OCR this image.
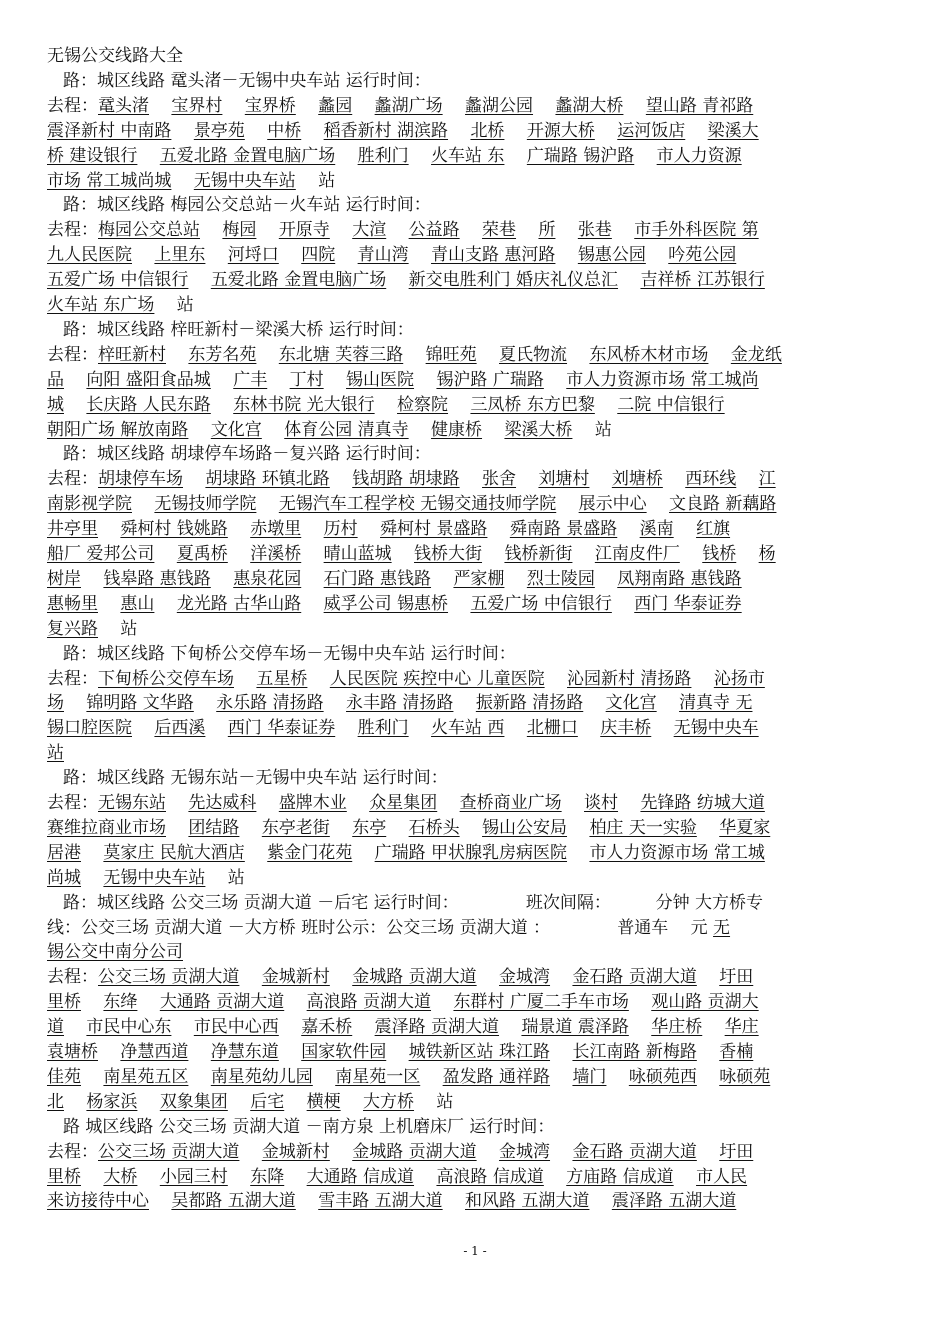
无锡公交线路大全
路：城区线路 鼋头渚－无锡中央车站 运行时间：
去程：鼋头渚  宝界村  宝界桥  蠡园  蠡湖广场  蠡湖公园  蠡湖大桥  望山路 青祁路
震泽新村 中南路  景亭苑  中桥  稻香新村 湖滨路  北桥  开源大桥  运河饭店  梁溪大
桥 建设银行  五爱北路 金置电脑广场  胜利门  火车站 东  广瑞路 锡沪路  市人力资源
市场 常工城尚城  无锡中央车站  站
路：城区线路 梅园公交总站－火车站 运行时间：
去程：梅园公交总站  梅园  开原寺  大渲  公益路  荣巷  所  张巷  市手外科医院 第
九人民医院  上里东  河埒口  四院  青山湾  青山支路 惠河路  锡惠公园  吟苑公园
五爱广场 中信银行  五爱北路 金置电脑广场  新交电胜利门 婚庆礼仪总汇  吉祥桥 江苏银行
火车站 东广场  站
路：城区线路 梓旺新村－梁溪大桥 运行时间：
去程：梓旺新村  东芳名苑  东北塘 芙蓉三路  锦旺苑  夏氏物流  东风桥木材市场  金龙纸
品  向阳 盛阳食品城  广丰  丁村  锡山医院  锡沪路 广瑞路  市人力资源市场 常工城尚
城  长庆路 人民东路  东林书院 光大银行  检察院  三凤桥 东方巴黎  二院 中信银行
朝阳广场 解放南路  文化宫  体育公园 清真寺  健康桥  梁溪大桥  站
路：城区线路 胡埭停车场路－复兴路 运行时间：
去程：胡埭停车场  胡埭路 环镇北路  钱胡路 胡埭路  张舍  刘塘村  刘塘桥  西环线  江
南影视学院  无锡技师学院  无锡汽车工程学校 无锡交通技师学院  展示中心  文良路 新藕路
井亭里  舜柯村 钱姚路  赤墩里  历村  舜柯村 景盛路  舜南路 景盛路  溪南  红旗
船厂 爱邦公司  夏禹桥  洋溪桥  晴山蓝城  钱桥大街  钱桥新街  江南皮件厂  钱桥  杨
树岸  钱皋路 惠钱路  惠泉花园  石门路 惠钱路  严家棚  烈士陵园  凤翔南路 惠钱路
惠畅里  惠山  龙光路 古华山路  威孚公司 锡惠桥  五爱广场 中信银行  西门 华泰证券
复兴路  站
路：城区线路 下甸桥公交停车场－无锡中央车站 运行时间：
去程：下甸桥公交停车场  五星桥  人民医院 疾控中心 儿童医院  沁园新村 清扬路  沁扬市
场  锦明路 文华路  永乐路 清扬路  永丰路 清扬路  振新路 清扬路  文化宫  清真寺 无
锡口腔医院  后西溪  西门 华泰证券  胜利门  火车站 西  北栅口  庆丰桥  无锡中央车
站
路：城区线路 无锡东站－无锡中央车站 运行时间：
去程：无锡东站  先达威科  盛牌木业  众星集团  查桥商业广场  谈村  先锋路 纺城大道
赛维拉商业市场  团结路  东亭老街  东亭  石桥头  锡山公安局  柏庄 天一实验  华夏家
居港  莫家庄 民航大酒店  紫金门花苑  广瑞路 甲状腺乳房病医院  市人力资源市场 常工城
尚城  无锡中央车站  站
路：城区线路 公交三场 贡湖大道 －后宅 运行时间：      班次间隔：    分钟 大方桥专
线：公交三场 贡湖大道 －大方桥 班时公示：公交三场 贡湖大道 ：      普通车  元 无
锡公交中南分公司
去程：公交三场 贡湖大道  金城新村  金城路 贡湖大道  金城湾  金石路 贡湖大道  圩田
里桥  东绛  大通路 贡湖大道  高浪路 贡湖大道  东群村 广厦二手车市场  观山路 贡湖大
道  市民中心东  市民中心西  嘉禾桥  震泽路 贡湖大道  瑞景道 震泽路  华庄桥  华庄
袁塘桥  净慧西道  净慧东道  国家软件园  城铁新区站 珠江路  长江南路 新梅路  香楠
佳苑  南星苑五区  南星苑幼儿园  南星苑一区  盈发路 通祥路  墙门  咏硕苑西  咏硕苑
北  杨家浜  双象集团  后宅  横梗  大方桥  站
路 城区线路 公交三场 贡湖大道 －南方泉 上机磨床厂 运行时间：
去程：公交三场 贡湖大道  金城新村  金城路 贡湖大道  金城湾  金石路 贡湖大道  圩田
里桥  大桥  小园三村  东降  大通路 信成道  高浪路 信成道  方庙路 信成道  市人民
来访接待中心  吴都路 五湖大道  雪丰路 五湖大道  和风路 五湖大道  震泽路 五湖大道
- 1 -
